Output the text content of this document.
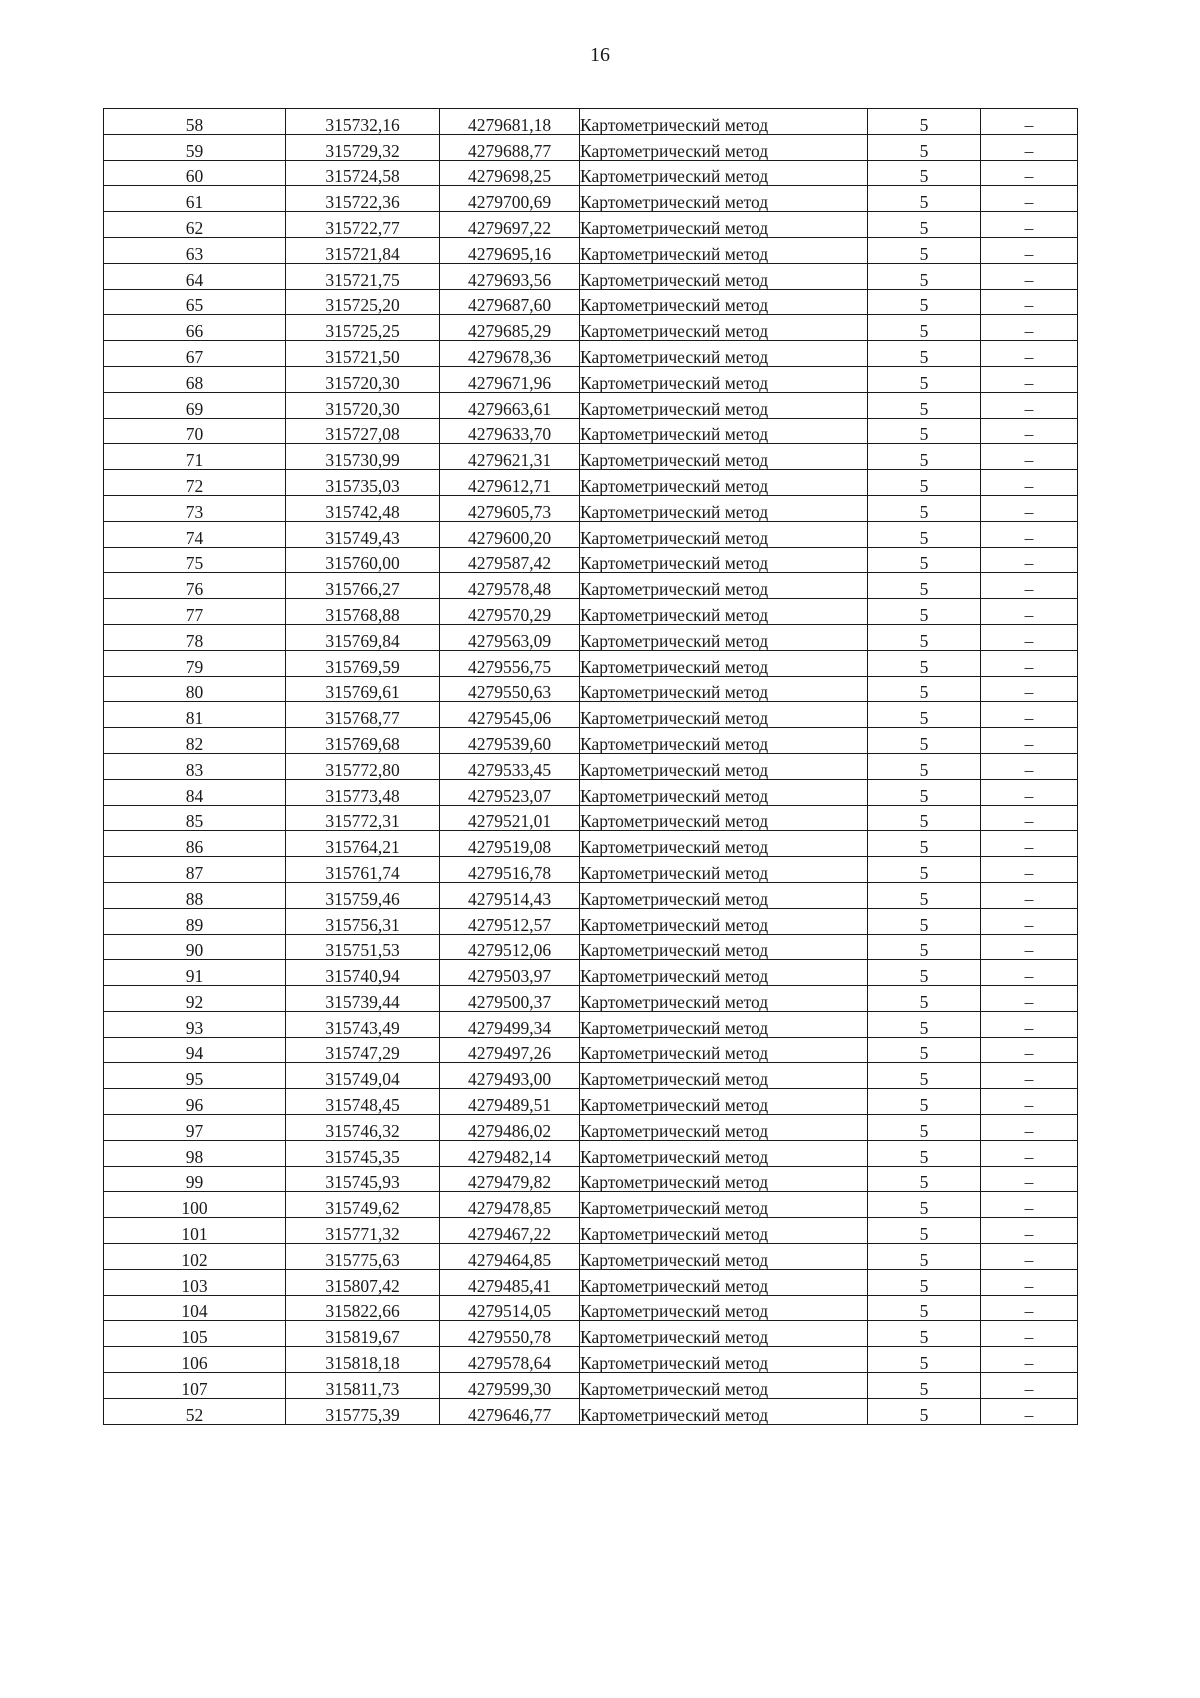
16
58	315732,16	4279681,18	Картометрический метод	5	–
59	315729,32	4279688,77	Картометрический метод	5	–
60	315724,58	4279698,25	Картометрический метод	5	–
61	315722,36	4279700,69	Картометрический метод	5	–
62	315722,77	4279697,22	Картометрический метод	5	–
63	315721,84	4279695,16	Картометрический метод	5	–
64	315721,75	4279693,56	Картометрический метод	5	–
65	315725,20	4279687,60	Картометрический метод	5	–
66	315725,25	4279685,29	Картометрический метод	5	–
67	315721,50	4279678,36	Картометрический метод	5	–
68	315720,30	4279671,96	Картометрический метод	5	–
69	315720,30	4279663,61	Картометрический метод	5	–
70	315727,08	4279633,70	Картометрический метод	5	–
71	315730,99	4279621,31	Картометрический метод	5	–
72	315735,03	4279612,71	Картометрический метод	5	–
73	315742,48	4279605,73	Картометрический метод	5	–
74	315749,43	4279600,20	Картометрический метод	5	–
75	315760,00	4279587,42	Картометрический метод	5	–
76	315766,27	4279578,48	Картометрический метод	5	–
77	315768,88	4279570,29	Картометрический метод	5	–
78	315769,84	4279563,09	Картометрический метод	5	–
79	315769,59	4279556,75	Картометрический метод	5	–
80	315769,61	4279550,63	Картометрический метод	5	–
81	315768,77	4279545,06	Картометрический метод	5	–
82	315769,68	4279539,60	Картометрический метод	5	–
83	315772,80	4279533,45	Картометрический метод	5	–
84	315773,48	4279523,07	Картометрический метод	5	–
85	315772,31	4279521,01	Картометрический метод	5	–
86	315764,21	4279519,08	Картометрический метод	5	–
87	315761,74	4279516,78	Картометрический метод	5	–
88	315759,46	4279514,43	Картометрический метод	5	–
89	315756,31	4279512,57	Картометрический метод	5	–
90	315751,53	4279512,06	Картометрический метод	5	–
91	315740,94	4279503,97	Картометрический метод	5	–
92	315739,44	4279500,37	Картометрический метод	5	–
93	315743,49	4279499,34	Картометрический метод	5	–
94	315747,29	4279497,26	Картометрический метод	5	–
95	315749,04	4279493,00	Картометрический метод	5	–
96	315748,45	4279489,51	Картометрический метод	5	–
97	315746,32	4279486,02	Картометрический метод	5	–
98	315745,35	4279482,14	Картометрический метод	5	–
99	315745,93	4279479,82	Картометрический метод	5	–
100	315749,62	4279478,85	Картометрический метод	5	–
101	315771,32	4279467,22	Картометрический метод	5	–
102	315775,63	4279464,85	Картометрический метод	5	–
103	315807,42	4279485,41	Картометрический метод	5	–
104	315822,66	4279514,05	Картометрический метод	5	–
105	315819,67	4279550,78	Картометрический метод	5	–
106	315818,18	4279578,64	Картометрический метод	5	–
107	315811,73	4279599,30	Картометрический метод	5	–
52	315775,39	4279646,77	Картометрический метод	5	–
